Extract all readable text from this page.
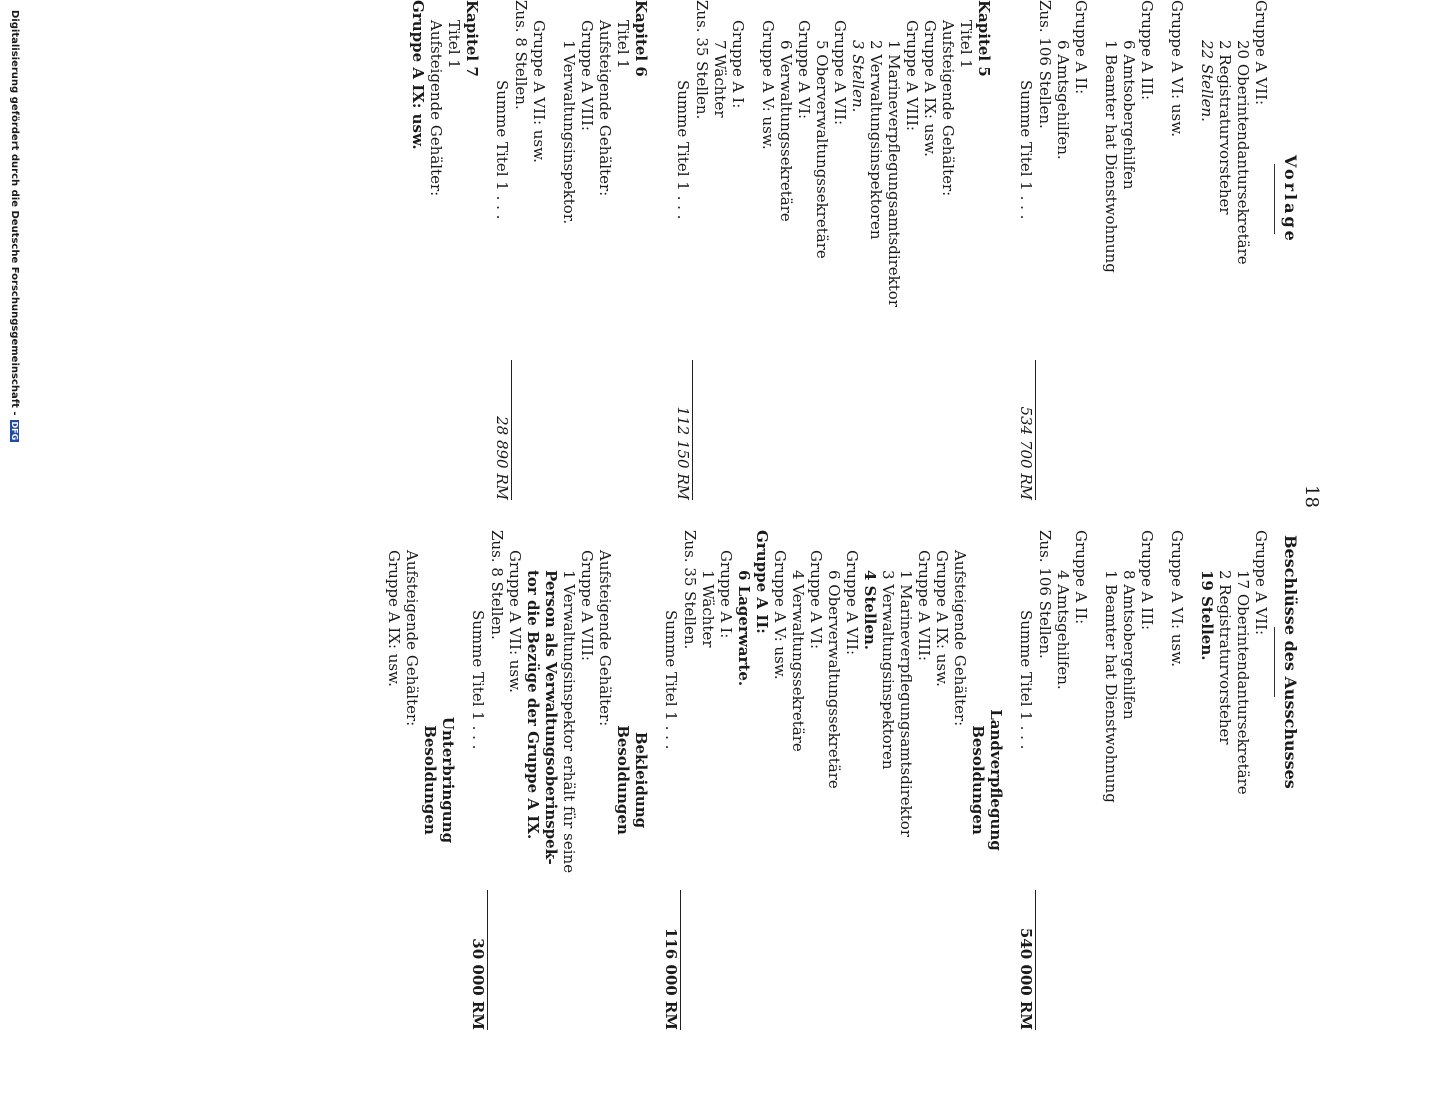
18
Vorlage
Beschlüsse des Ausschusses
Gruppe A VII:
20 Oberintendantursekretäre
2 Registraturvorsteher
22 Stellen.
Gruppe A VI: usw.
Gruppe A III:
6 Amtsobergehilfen
1 Beamter hat Dienstwohnung
Gruppe A II:
6 Amtsgehilfen.
Zus. 106 Stellen.
Summe Titel 1 . . .
534 700 RM
Kapitel 5
Titel 1
Aufsteigende Gehälter:
Gruppe A IX: usw.
Gruppe A VIII:
1 Marineverpflegungsamtsdirektor
2 Verwaltungsinspektoren
3 Stellen.
Gruppe A VII:
5 Oberverwaltungssekretäre
Gruppe A VI:
6 Verwaltungssekretäre
Gruppe A V: usw.
Gruppe A I:
7 Wächter
Zus. 35 Stellen.
Summe Titel 1 . . .
112 150 RM
Kapitel 6
Titel 1
Aufsteigende Gehälter:
Gruppe A VIII:
1 Verwaltungsinspektor.
Gruppe A VII: usw.
Zus. 8 Stellen.
Summe Titel 1 . . .
28 890 RM
Kapitel 7
Titel 1
Aufsteigende Gehälter:
Gruppe A IX: usw.
Gruppe A VII:
17 Oberintendantursekretäre
2 Registraturvorsteher
19 Stellen.
Gruppe A VI: usw.
Gruppe A III:
8 Amtsobergehilfen
1 Beamter hat Dienstwohnung
Gruppe A II:
4 Amtsgehilfen.
Zus. 106 Stellen.
Summe Titel 1 . . .
540 000 RM
Landverpflegung
Besoldungen
Aufsteigende Gehälter:
Gruppe A IX: usw.
Gruppe A VIII:
1 Marineverpflegungsamtsdirektor
3 Verwaltungsinspektoren
4 Stellen.
Gruppe A VII:
6 Oberverwaltungssekretäre
Gruppe A VI:
4 Verwaltungssekretäre
Gruppe A V: usw.
Gruppe A II:
6 Lagerwarte.
Gruppe A I:
1 Wächter
Zus. 35 Stellen.
Summe Titel 1 . . .
116 000 RM
Bekleidung
Besoldungen
Aufsteigende Gehälter:
Gruppe A VIII:
1 Verwaltungsinspektor erhält für seine
Person als Verwaltungsoberinspek-
tor die Bezüge der Gruppe A IX.
Gruppe A VII: usw.
Zus. 8 Stellen.
Summe Titel 1 . . .
30 000 RM
Unterbringung
Besoldungen
Aufsteigende Gehälter:
Gruppe A IX: usw.
Digitalisierung gefördert durch die Deutsche Forschungsgemeinschaft -DFG
